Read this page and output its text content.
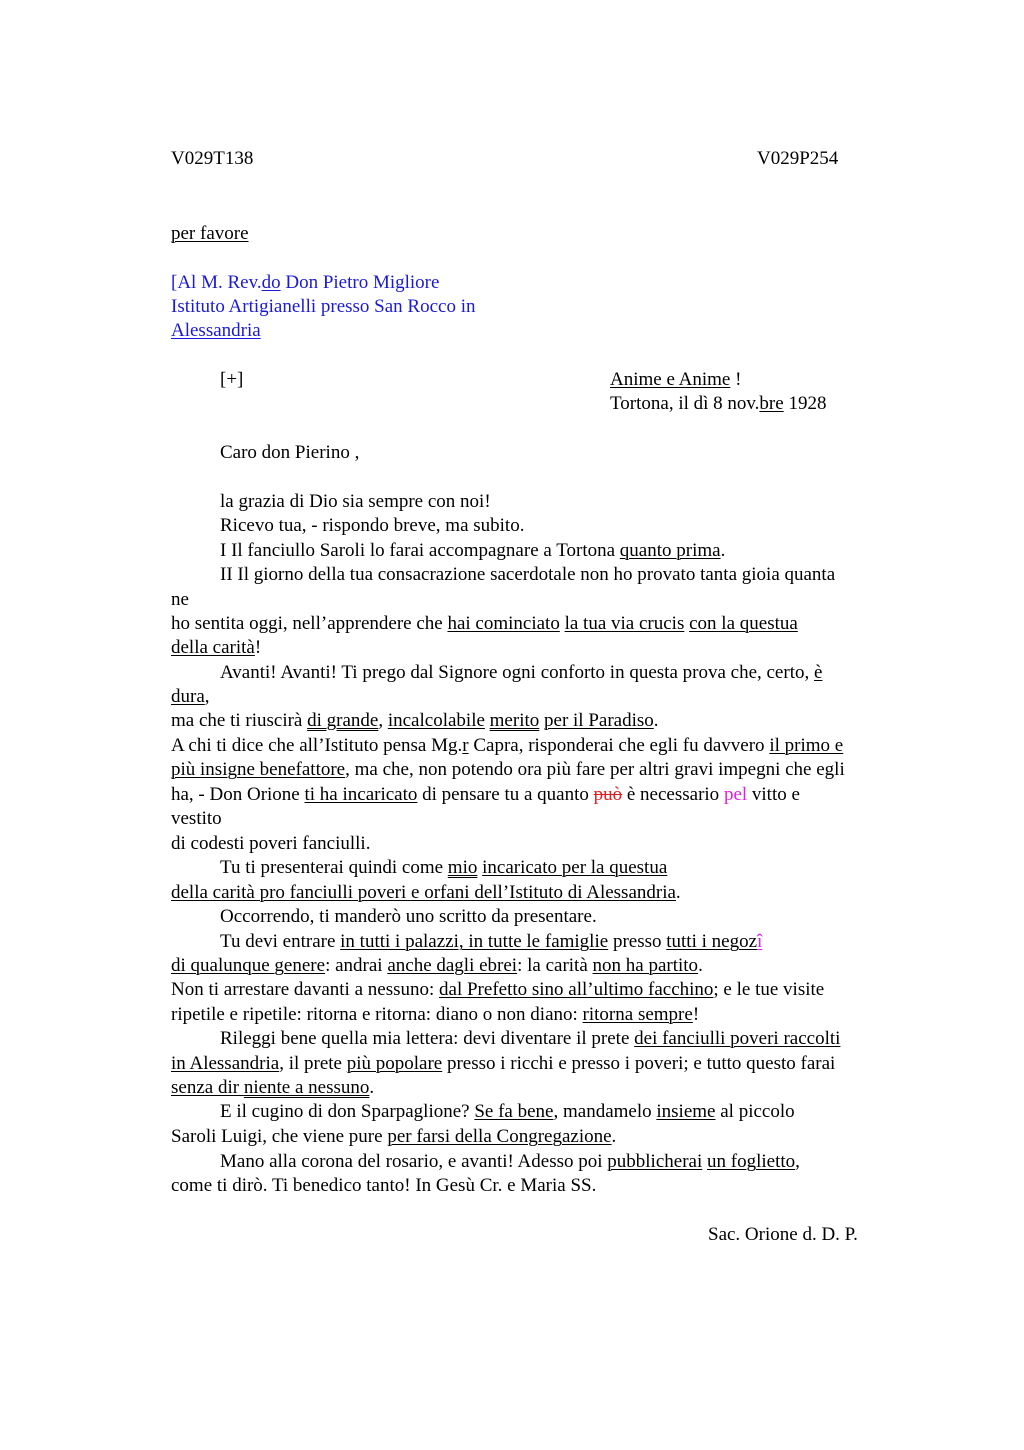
V029T138	V029P254
per favore
[Al M. Rev.do Don Pietro Migliore
Istituto Artigianelli presso San Rocco in
Alessandria
[+]	Anime e Anime !
Tortona, il dì 8 nov.bre 1928
Caro don Pierino ,
la grazia di Dio sia sempre con noi!
Ricevo tua, - rispondo breve, ma subito.
I Il fanciullo Saroli lo farai accompagnare a Tortona quanto prima.
II Il giorno della tua consacrazione sacerdotale non ho provato tanta gioia quanta
ne
ho sentita oggi, nell’apprendere che hai cominciato la tua via crucis con la questua
della carità!
Avanti! Avanti! Ti prego dal Signore ogni conforto in questa prova che, certo, è
dura,
ma che ti riuscirà di grande, incalcolabile merito per il Paradiso.
A chi ti dice che all’Istituto pensa Mg.r Capra, risponderai che egli fu davvero il primo e
più insigne benefattore, ma che, non potendo ora più fare per altri gravi impegni che egli
ha, - Don Orione ti ha incaricato di pensare tu a quanto può è necessario pel vitto e
vestito
di codesti poveri fanciulli.
Tu ti presenterai quindi come mio incaricato per la questua
della carità pro fanciulli poveri e orfani dell’Istituto di Alessandria.
Occorrendo, ti manderò uno scritto da presentare.
Tu devi entrare in tutti i palazzi, in tutte le famiglie presso tutti i negozî
di qualunque genere: andrai anche dagli ebrei: la carità non ha partito.
Non ti arrestare davanti a nessuno: dal Prefetto sino all’ultimo facchino; e le tue visite
ripetile e ripetile: ritorna e ritorna: diano o non diano: ritorna sempre!
Rileggi bene quella mia lettera: devi diventare il prete dei fanciulli poveri raccolti
in Alessandria, il prete più popolare presso i ricchi e presso i poveri; e tutto questo farai
senza dir niente a nessuno.
E il cugino di don Sparpaglione? Se fa bene, mandamelo insieme al piccolo
Saroli Luigi, che viene pure per farsi della Congregazione.
Mano alla corona del rosario, e avanti! Adesso poi pubblicherai un foglietto,
come ti dirò. Ti benedico tanto! In Gesù Cr. e Maria SS.
Sac. Orione d. D. P.
